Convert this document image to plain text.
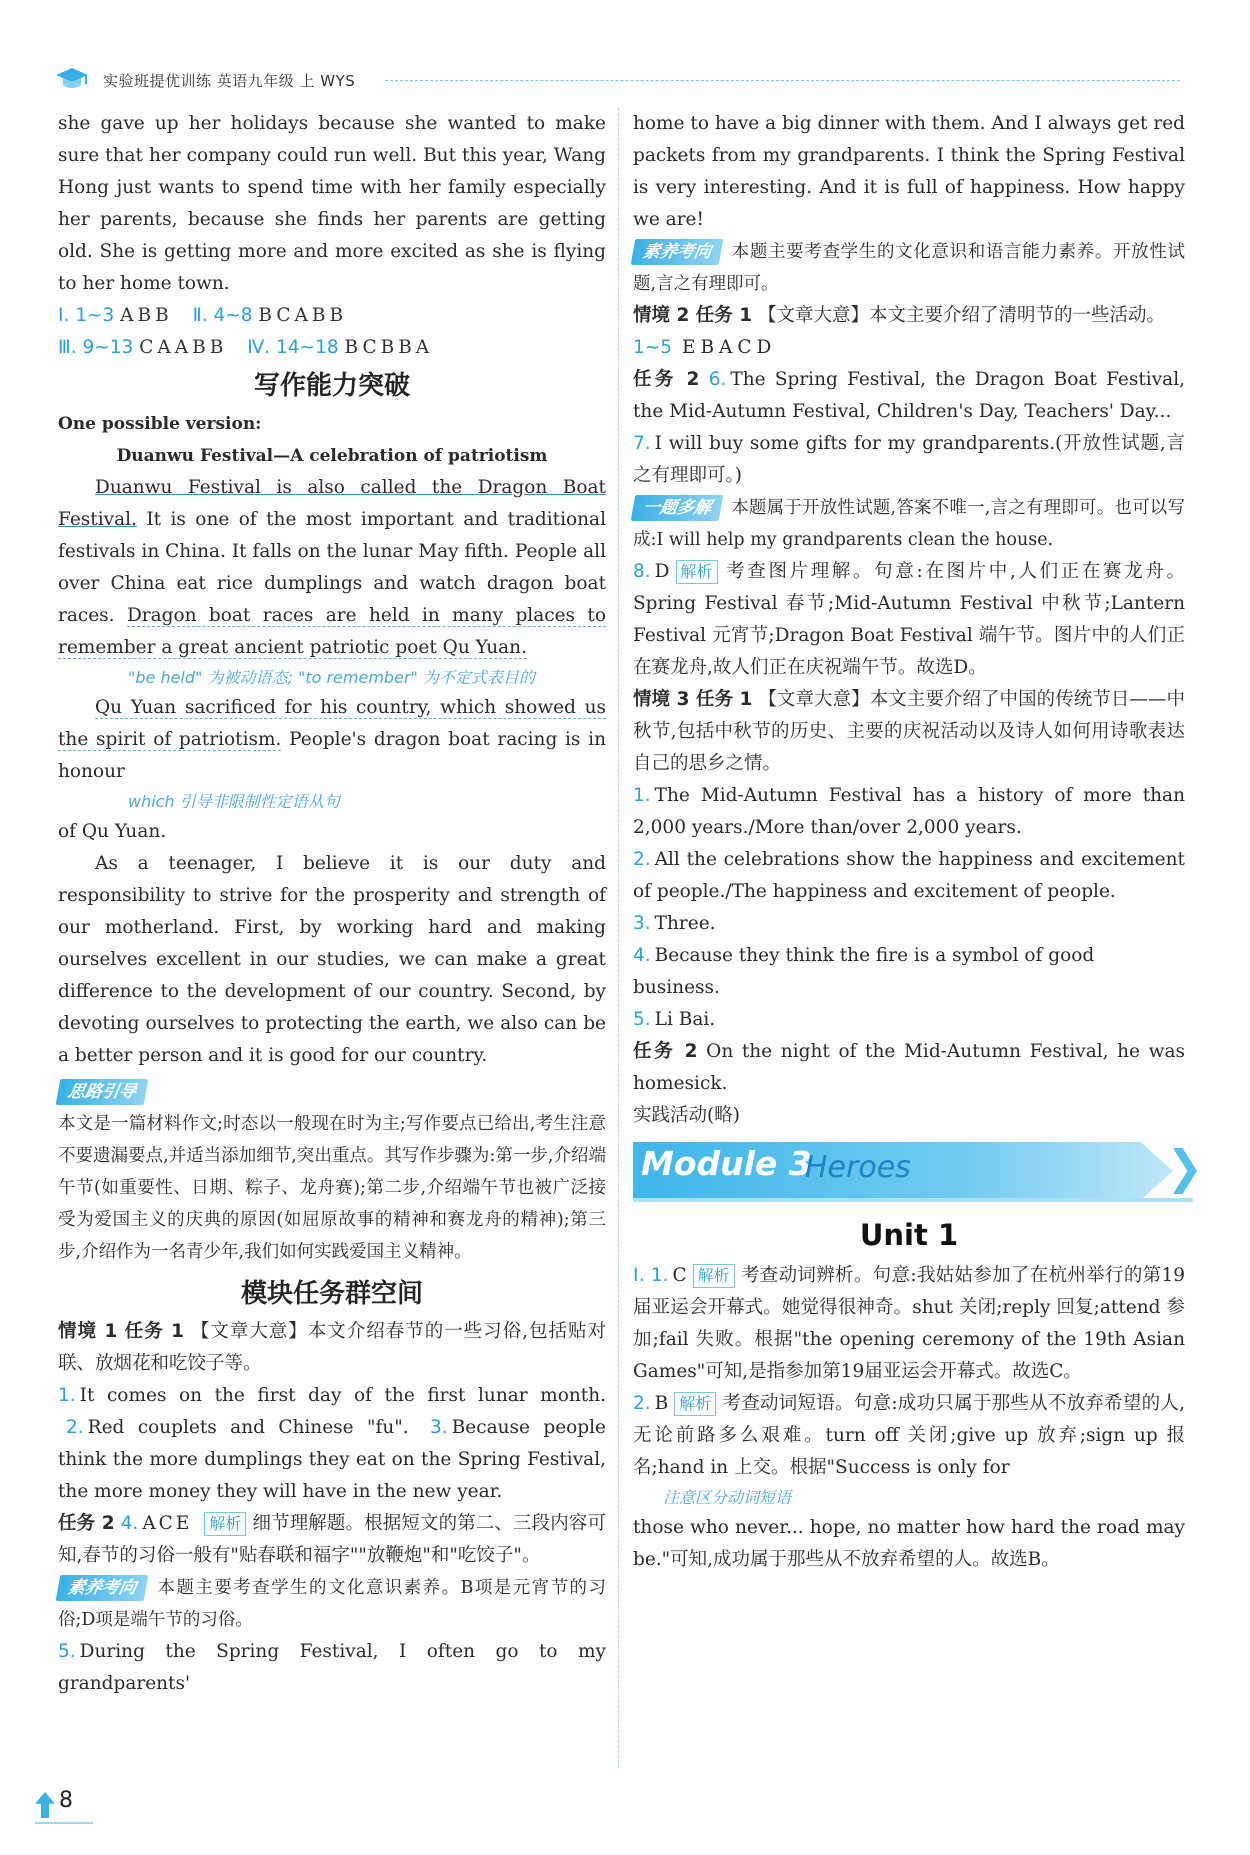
实验班提优训练 英语九年级 上 WYS

she gave up her holidays because she wanted to make sure that her company could run well. But this year, Wang Hong just wants to spend time with her family especially her parents, because she finds her parents are getting old. She is getting more and more excited as she is flying to her home town.

Ⅰ. 1~3 ABB Ⅱ. 4~8 BCABB

Ⅲ. 9~13 CAABB Ⅳ. 14~18 BCBBA

写作能力突破

One possible version:

Duanwu Festival—A celebration of patriotism

Duanwu Festival is also called the Dragon Boat Festival. It is one of the most important and traditional festivals in China. It falls on the lunar May fifth. People all over China eat rice dumplings and watch dragon boat races. Dragon boat races are held in many places to remember a great ancient patriotic poet Qu Yuan.

"be held" 为被动语态; "to remember" 为不定式表目的

Qu Yuan sacrificed for his country, which showed us the spirit of patriotism. People's dragon boat racing is in honour

which 引导非限制性定语从句

of Qu Yuan.

As a teenager, I believe it is our duty and responsibility to strive for the prosperity and strength of our motherland. First, by working hard and making ourselves excellent in our studies, we can make a great difference to the development of our country. Second, by devoting ourselves to protecting the earth, we also can be a better person and it is good for our country.

思路引导

本文是一篇材料作文;时态以一般现在时为主;写作要点已给出,考生注意不要遗漏要点,并适当添加细节,突出重点。其写作步骤为:第一步,介绍端午节(如重要性、日期、粽子、龙舟赛);第二步,介绍端午节也被广泛接受为爱国主义的庆典的原因(如屈原故事的精神和赛龙舟的精神);第三步,介绍作为一名青少年,我们如何实践爱国主义精神。

模块任务群空间

情境 1 任务 1 【文章大意】本文介绍春节的一些习俗,包括贴对联、放烟花和吃饺子等。

1. It comes on the first day of the first lunar month. 2. Red couplets and Chinese "fu". 3. Because people think the more dumplings they eat on the Spring Festival, the more money they will have in the new year.

任务 2 4. ACE 解析 细节理解题。根据短文的第二、三段内容可知,春节的习俗一般有"贴春联和福字""放鞭炮"和"吃饺子"。

素养考向 本题主要考查学生的文化意识素养。B项是元宵节的习俗;D项是端午节的习俗。

5. During the Spring Festival, I often go to my grandparents'

home to have a big dinner with them. And I always get red packets from my grandparents. I think the Spring Festival is very interesting. And it is full of happiness. How happy we are!

素养考向 本题主要考查学生的文化意识和语言能力素养。开放性试题,言之有理即可。

情境 2 任务 1 【文章大意】本文主要介绍了清明节的一些活动。

1~5 EBACD

任务 2 6. The Spring Festival, the Dragon Boat Festival, the Mid-Autumn Festival, Children's Day, Teachers' Day...

7. I will buy some gifts for my grandparents.(开放性试题,言之有理即可。)

一题多解 本题属于开放性试题,答案不唯一,言之有理即可。也可以写成:I will help my grandparents clean the house.

8. D 解析 考查图片理解。句意:在图片中,人们正在赛龙舟。Spring Festival 春节;Mid-Autumn Festival 中秋节;Lantern Festival 元宵节;Dragon Boat Festival 端午节。图片中的人们正在赛龙舟,故人们正在庆祝端午节。故选D。

情境 3 任务 1 【文章大意】本文主要介绍了中国的传统节日——中秋节,包括中秋节的历史、主要的庆祝活动以及诗人如何用诗歌表达自己的思乡之情。

1. The Mid-Autumn Festival has a history of more than 2,000 years./More than/over 2,000 years.

2. All the celebrations show the happiness and excitement of people./The happiness and excitement of people.

3. Three.

4. Because they think the fire is a symbol of good business.

5. Li Bai.

任务 2 On the night of the Mid-Autumn Festival, he was homesick.

实践活动(略)

Module 3
Heroes
Unit 1

Ⅰ. 1. C 解析 考查动词辨析。句意:我姑姑参加了在杭州举行的第19届亚运会开幕式。她觉得很神奇。shut 关闭;reply 回复;attend 参加;fail 失败。根据"the opening ceremony of the 19th Asian Games"可知,是指参加第19届亚运会开幕式。故选C。

2. B 解析 考查动词短语。句意:成功只属于那些从不放弃希望的人,无论前路多么艰难。turn off 关闭;give up 放弃;sign up 报名;hand in 上交。根据"Success is only for

注意区分动词短语

those who never... hope, no matter how hard the road may be."可知,成功属于那些从不放弃希望的人。故选B。

8
